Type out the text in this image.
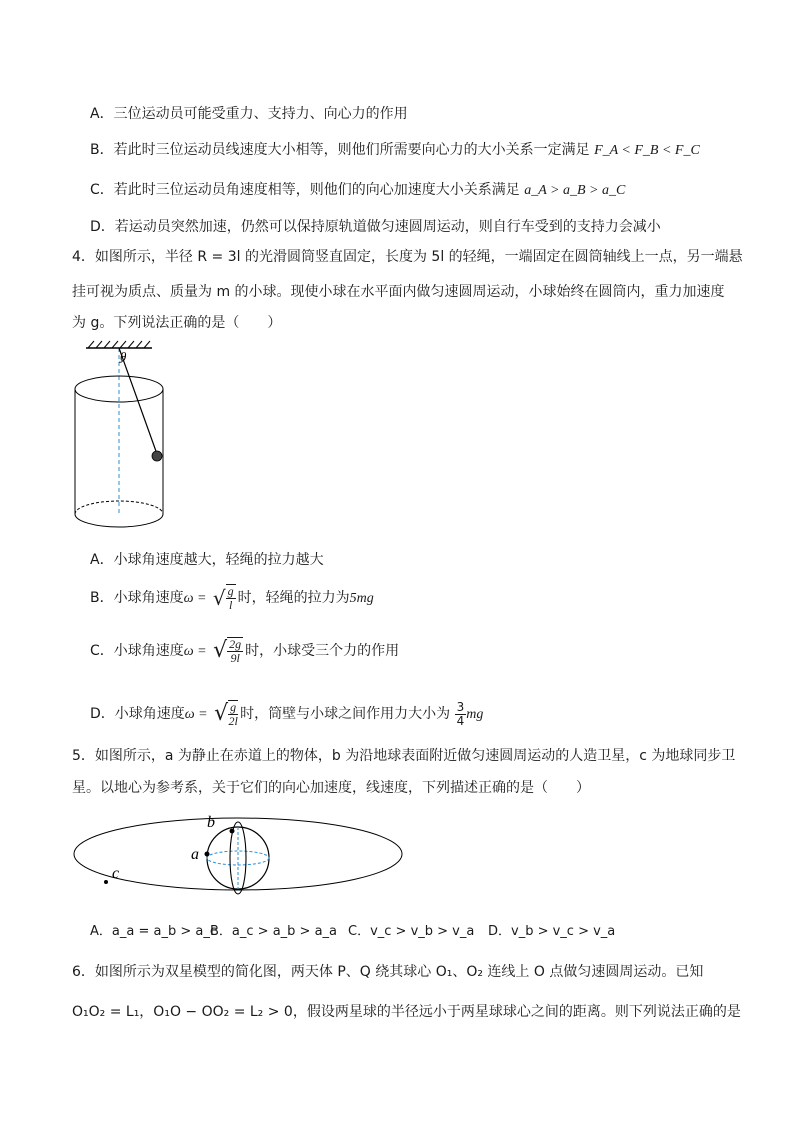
A．三位运动员可能受重力、支持力、向心力的作用
B．若此时三位运动员线速度大小相等，则他们所需要向心力的大小关系一定满足 F_A < F_B < F_C
C．若此时三位运动员角速度相等，则他们的向心加速度大小关系满足 a_A > a_B > a_C
D．若运动员突然加速，仍然可以保持原轨道做匀速圆周运动，则自行车受到的支持力会减小
4．如图所示，半径 R = 3l 的光滑圆筒竖直固定，长度为 5l 的轻绳，一端固定在圆筒轴线上一点，另一端悬
挂可视为质点、质量为 m 的小球。现使小球在水平面内做匀速圆周运动，小球始终在圆筒内，重力加速度
为 g。下列说法正确的是（　　）
θ
A．小球角速度越大，轻绳的拉力越大
B．小球角速度ω = √ $\frac{g}{l}$ 时，轻绳的拉力为5mg
C．小球角速度ω = √ $\frac{2g}{9l}$ 时，小球受三个力的作用
D．小球角速度ω = √ $\frac{g}{2l}$ 时，筒壁与小球之间作用力大小为 $\frac{3}{4}$ mg
5．如图所示，a 为静止在赤道上的物体，b 为沿地球表面附近做匀速圆周运动的人造卫星，c 为地球同步卫
星。以地心为参考系，关于它们的向心加速度，线速度，下列描述正确的是（　　）
b
a
c
A．a_a = a_b > a_c
B．a_c > a_b > a_a C．v_c > v_b > v_a D．v_b > v_c > v_a
6．如图所示为双星模型的简化图，两天体 P、Q 绕其球心 O₁、O₂ 连线上 O 点做匀速圆周运动。已知
O₁O₂ = L₁，O₁O − OO₂ = L₂ > 0，假设两星球的半径远小于两星球球心之间的距离。则下列说法正确的是
